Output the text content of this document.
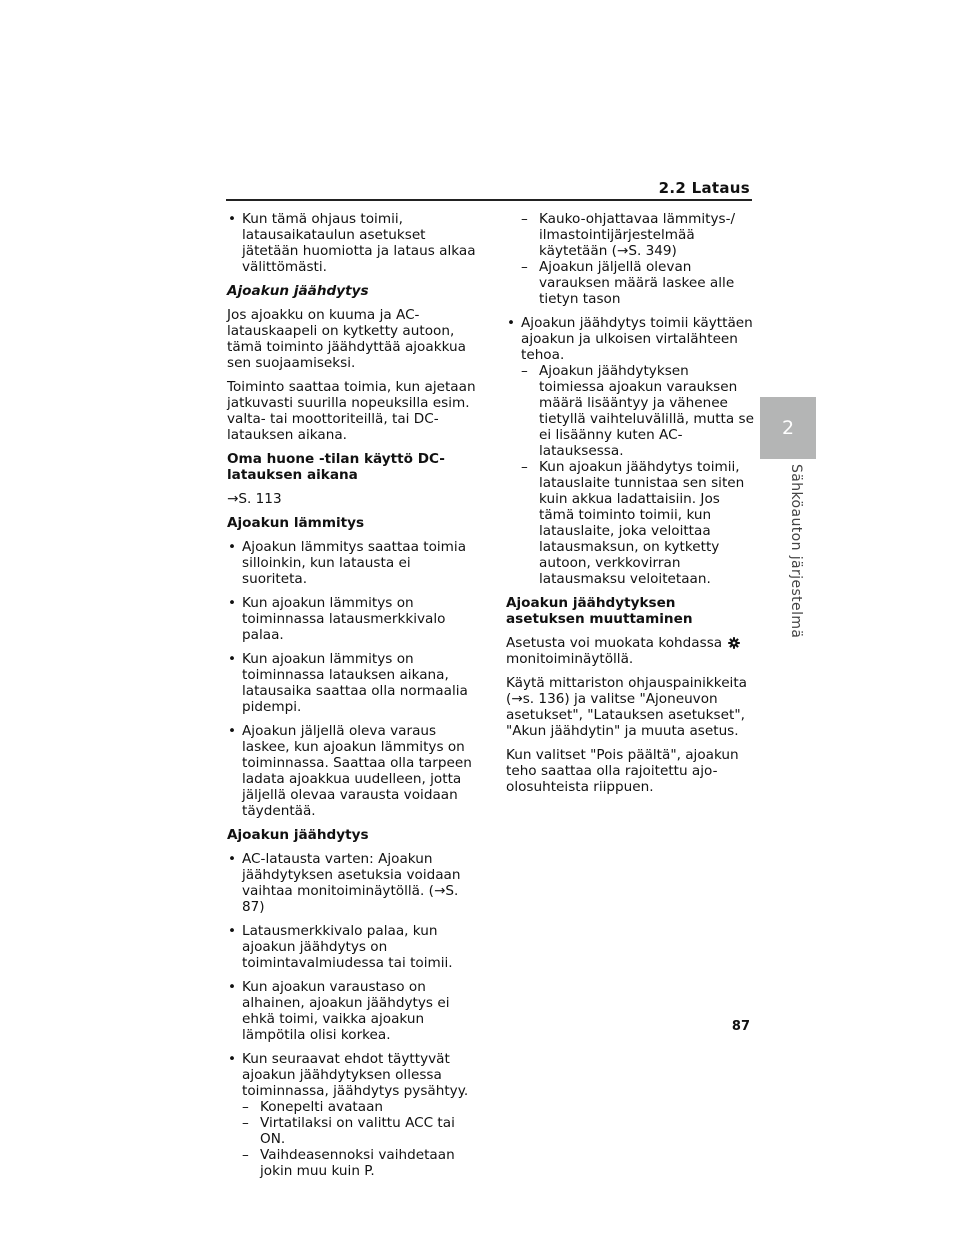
2.2 Lataus
2
Sähköauton järjestelmä
87
• Kun tämä ohjaus toimii, latausaikataulun asetukset jätetään huomiotta ja lataus alkaa välittömästi.

Ajoakun jäähdytys

Jos ajoakku on kuuma ja AC-latauskaapeli on kytketty autoon, tämä toiminto jäähdyttää ajoakkua sen suojaamiseksi.

Toiminto saattaa toimia, kun ajetaan jatkuvasti suurilla nopeuksilla esim. valta- tai moottoriteillä, tai DC-latauksen aikana.

Oma huone -tilan käyttö DC-latauksen aikana

→S. 113

Ajoakun lämmitys

• Ajoakun lämmitys saattaa toimia silloinkin, kun latausta ei suoriteta.
• Kun ajoakun lämmitys on toiminnassa latausmerkkivalo palaa.
• Kun ajoakun lämmitys on toiminnassa latauksen aikana, latausaika saattaa olla normaalia pidempi.
• Ajoakun jäljellä oleva varaus laskee, kun ajoakun lämmitys on toiminnassa. Saattaa olla tarpeen ladata ajoakkua uudelleen, jotta jäljellä olevaa varausta voidaan täydentää.

Ajoakun jäähdytys

• AC-latausta varten: Ajoakun jäähdytyksen asetuksia voidaan vaihtaa monitoiminäytöllä. (→S. 87)
• Latausmerkkivalo palaa, kun ajoakun jäähdytys on toimintavalmiudessa tai toimii.
• Kun ajoakun varaustaso on alhainen, ajoakun jäähdytys ei ehkä toimi, vaikka ajoakun lämpötila olisi korkea.
• Kun seuraavat ehdot täyttyvät ajoakun jäähdytyksen ollessa toiminnassa, jäähdytys pysähtyy.
– Konepelti avataan
– Virtatilaksi on valittu ACC tai ON.
– Vaihdeasennoksi vaihdetaan jokin muu kuin P.
– Kauko-ohjattavaa lämmitys-/ ilmastointijärjestelmää käytetään (→S. 349)
– Ajoakun jäljellä olevan varauksen määrä laskee alle tietyn tason
• Ajoakun jäähdytys toimii käyttäen ajoakun ja ulkoisen virtalähteen tehoa.
– Ajoakun jäähdytyksen toimiessa ajoakun varauksen määrä lisääntyy ja vähenee tietyllä vaihteluvälillä, mutta se ei lisäänny kuten AC-latauksessa.
– Kun ajoakun jäähdytys toimii, latauslaite tunnistaa sen siten kuin akkua ladattaisiin. Jos tämä toiminto toimii, kun latauslaite, joka veloittaa latausmaksun, on kytketty autoon, verkkovirran latausmaksu veloitetaan.

Ajoakun jäähdytyksen asetuksen muuttaminen

Asetusta voi muokata kohdassa
monitoiminäytöllä.

Käytä mittariston ohjauspainikkeita (→s. 136) ja valitse "Ajoneuvon asetukset", "Latauksen asetukset", "Akun jäähdytin" ja muuta asetus.

Kun valitset "Pois päältä", ajoakun teho saattaa olla rajoitettu ajo-olosuhteista riippuen.
